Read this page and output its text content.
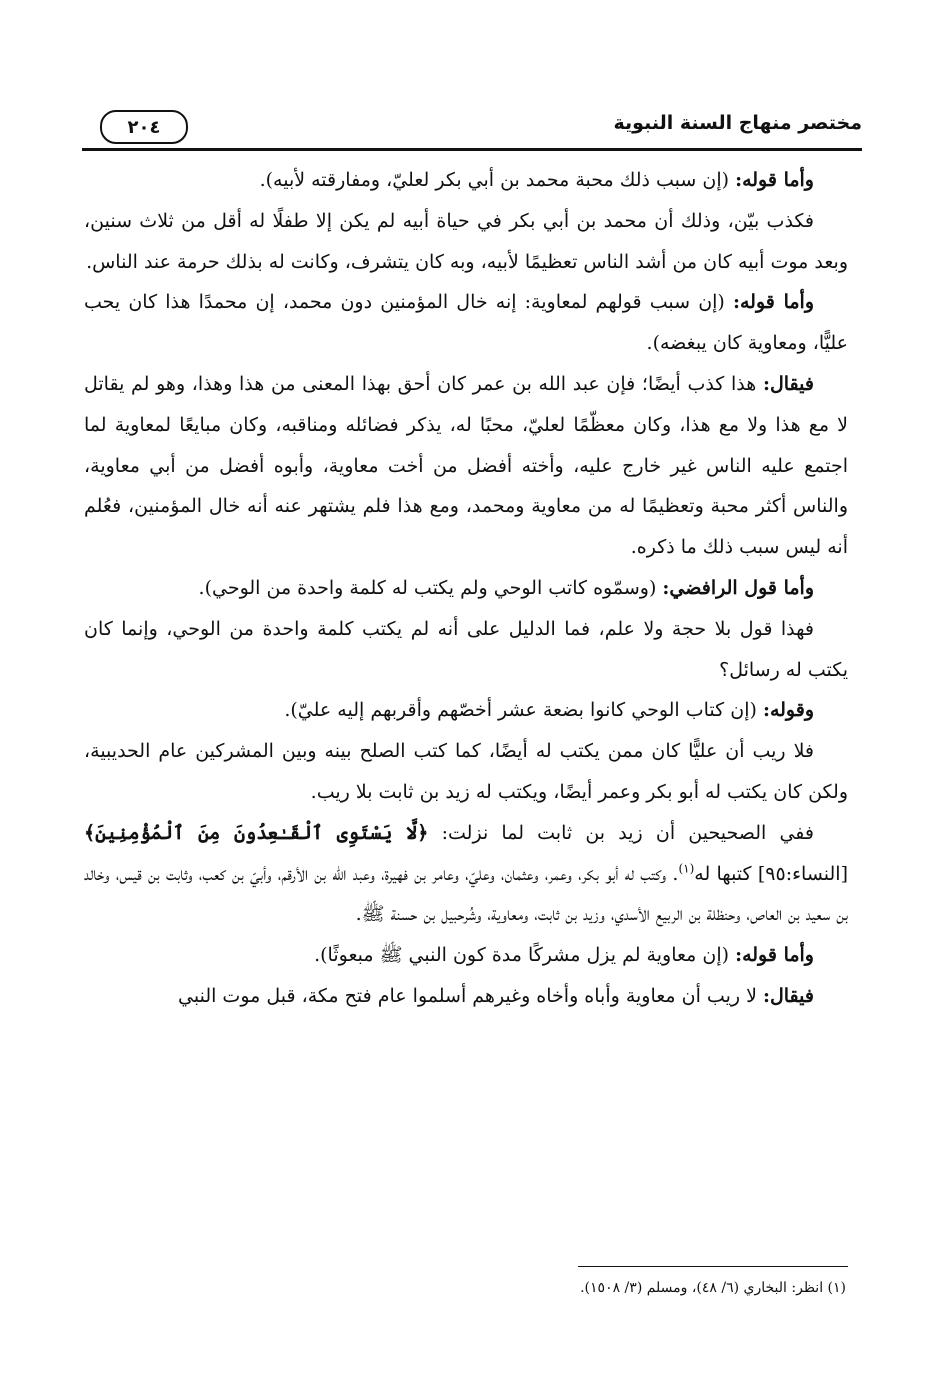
مختصر منهاج السنة النبوية
٢٠٤

وأما قوله: (إن سبب ذلك محبة محمد بن أبي بكر لعليّ، ومفارقته لأبيه).

فكذب بيّن، وذلك أن محمد بن أبي بكر في حياة أبيه لم يكن إلا طفلًا له أقل من ثلاث سنين، وبعد موت أبيه كان من أشد الناس تعظيمًا لأبيه، وبه كان يتشرف، وكانت له بذلك حرمة عند الناس.

وأما قوله: (إن سبب قولهم لمعاوية: إنه خال المؤمنين دون محمد، إن محمدًا هذا كان يحب عليًّا، ومعاوية كان يبغضه).

فيقال: هذا كذب أيضًا؛ فإن عبد الله بن عمر كان أحق بهذا المعنى من هذا وهذا، وهو لم يقاتل لا مع هذا ولا مع هذا، وكان معظّمًا لعليّ، محبًا له، يذكر فضائله ومناقبه، وكان مبايعًا لمعاوية لما اجتمع عليه الناس غير خارج عليه، وأخته أفضل من أخت معاوية، وأبوه أفضل من أبي معاوية، والناس أكثر محبة وتعظيمًا له من معاوية ومحمد، ومع هذا فلم يشتهر عنه أنه خال المؤمنين، فعُلم أنه ليس سبب ذلك ما ذكره.

وأما قول الرافضي: (وسمّوه كاتب الوحي ولم يكتب له كلمة واحدة من الوحي).

فهذا قول بلا حجة ولا علم، فما الدليل على أنه لم يكتب كلمة واحدة من الوحي، وإنما كان يكتب له رسائل؟

وقوله: (إن كتاب الوحي كانوا بضعة عشر أخصّهم وأقربهم إليه عليّ).

فلا ريب أن عليًّا كان ممن يكتب له أيضًا، كما كتب الصلح بينه وبين المشركين عام الحديبية، ولكن كان يكتب له أبو بكر وعمر أيضًا، ويكتب له زيد بن ثابت بلا ريب.

ففي الصحيحين أن زيد بن ثابت لما نزلت: ﴿لَّا يَسْتَوِى ٱلْقَـٰعِدُونَ مِنَ ٱلْمُؤْمِنِينَ﴾ [النساء:٩٥] كتبها له$^{(١)}$. وكتب له أبو بكر، وعمر، وعثمان، وعليّ، وعامر بن فهيرة، وعبد الله بن الأرقم، وأبيّ بن كعب، وثابت بن قيس، وخالد بن سعيد بن العاص، وحنظلة بن الربيع الأسدي، وزيد بن ثابت، ومعاوية، وشُرحبيل بن حسنة ﷺ.

وأما قوله: (إن معاوية لم يزل مشركًا مدة كون النبي ﷺ مبعوثًا).

فيقال: لا ريب أن معاوية وأباه وأخاه وغيرهم أسلموا عام فتح مكة، قبل موت النبي

(١) انظر: البخاري (٦/ ٤٨)، ومسلم (٣/ ١٥٠٨).
